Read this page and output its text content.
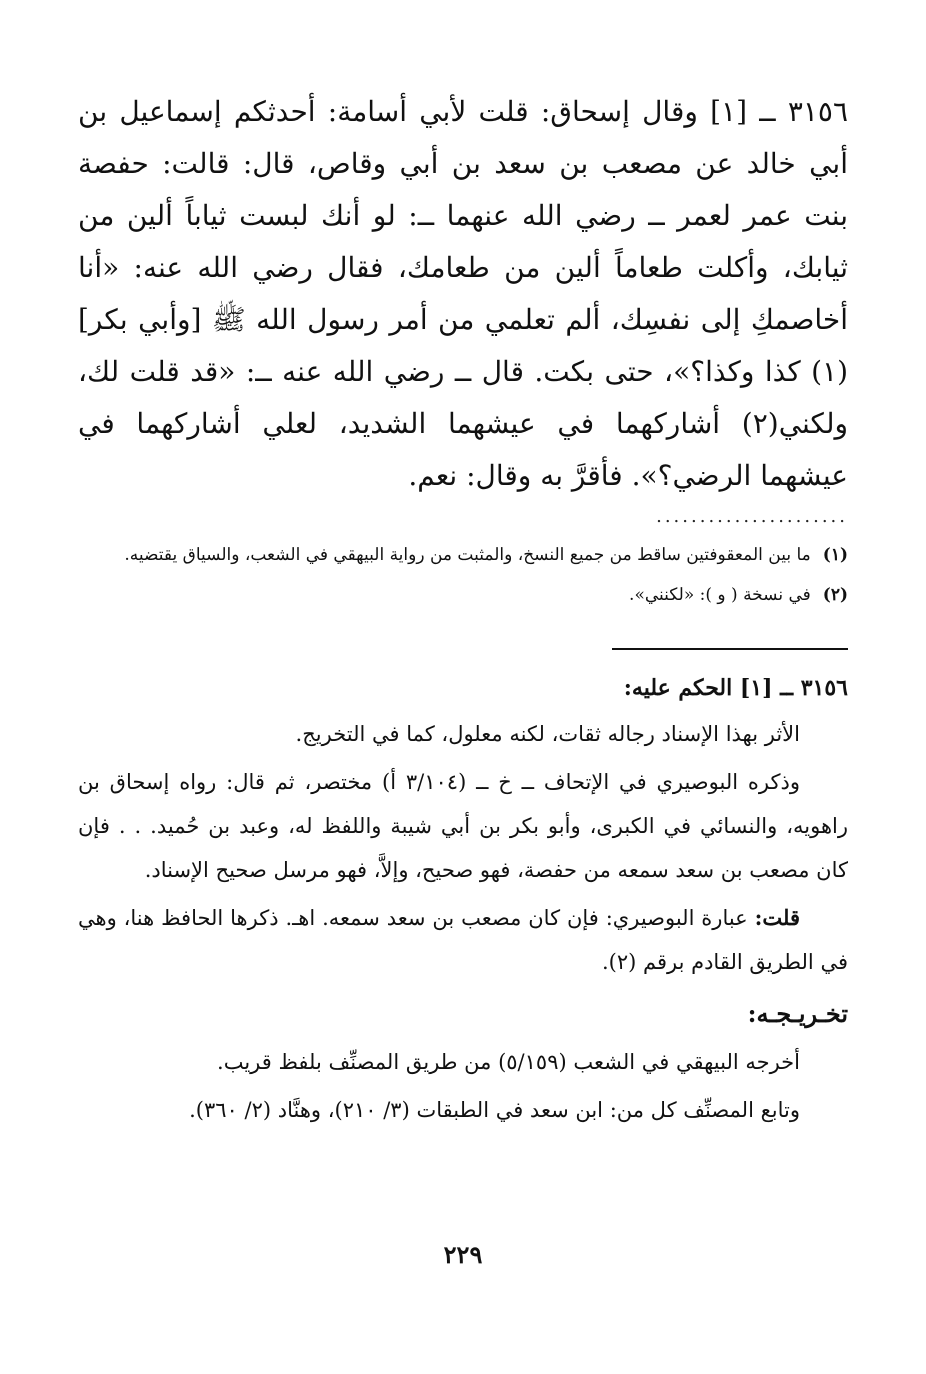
٣١٥٦ ــ [١] وقال إسحاق: قلت لأبي أسامة: أحدثكم إسماعيل بن أبي خالد عن مصعب بن سعد بن أبي وقاص، قال: قالت: حفصة بنت عمر لعمر ــ رضي الله عنهما ــ: لو أنك لبست ثياباً ألين من ثيابك، وأكلت طعاماً ألين من طعامك، فقال رضي الله عنه: «أنا أخاصمكِ إلى نفسِك، ألم تعلمي من أمر رسول الله ﷺ [وأبي بكر](١) كذا وكذا؟»، حتى بكت. قال ــ رضي الله عنه ــ: «قد قلت لك، ولكني(٢) أشاركهما في عيشهما الشديد، لعلي أشاركهما في عيشهما الرضي؟». فأقرَّ به وقال: نعم.

......................
(١)
ما بين المعقوفتين ساقط من جميع النسخ، والمثبت من رواية البيهقي في الشعب، والسياق يقتضيه.
(٢)
في نسخة ( و ): «لكنني».

٣١٥٦ ــ [١] الحكم عليه:

الأثر بهذا الإسناد رجاله ثقات، لكنه معلول، كما في التخريج.

وذكره البوصيري في الإتحاف ــ خ ــ (٣/١٠٤ أ) مختصر، ثم قال: رواه إسحاق بن راهويه، والنسائي في الكبرى، وأبو بكر بن أبي شيبة واللفظ له، وعبد بن حُميد. . . فإن كان مصعب بن سعد سمعه من حفصة، فهو صحيح، وإلاَّ، فهو مرسل صحيح الإسناد.

قلت: عبارة البوصيري: فإن كان مصعب بن سعد سمعه. اهـ. ذكرها الحافظ هنا، وهي في الطريق القادم برقم (٢).

تخـريـجـه:

أخرجه البيهقي في الشعب (٥/١٥٩) من طريق المصنِّف بلفظ قريب.

وتابع المصنِّف كل من: ابن سعد في الطبقات (٣/ ٢١٠)، وهنَّاد (٢/ ٣٦٠).

٢٢٩
